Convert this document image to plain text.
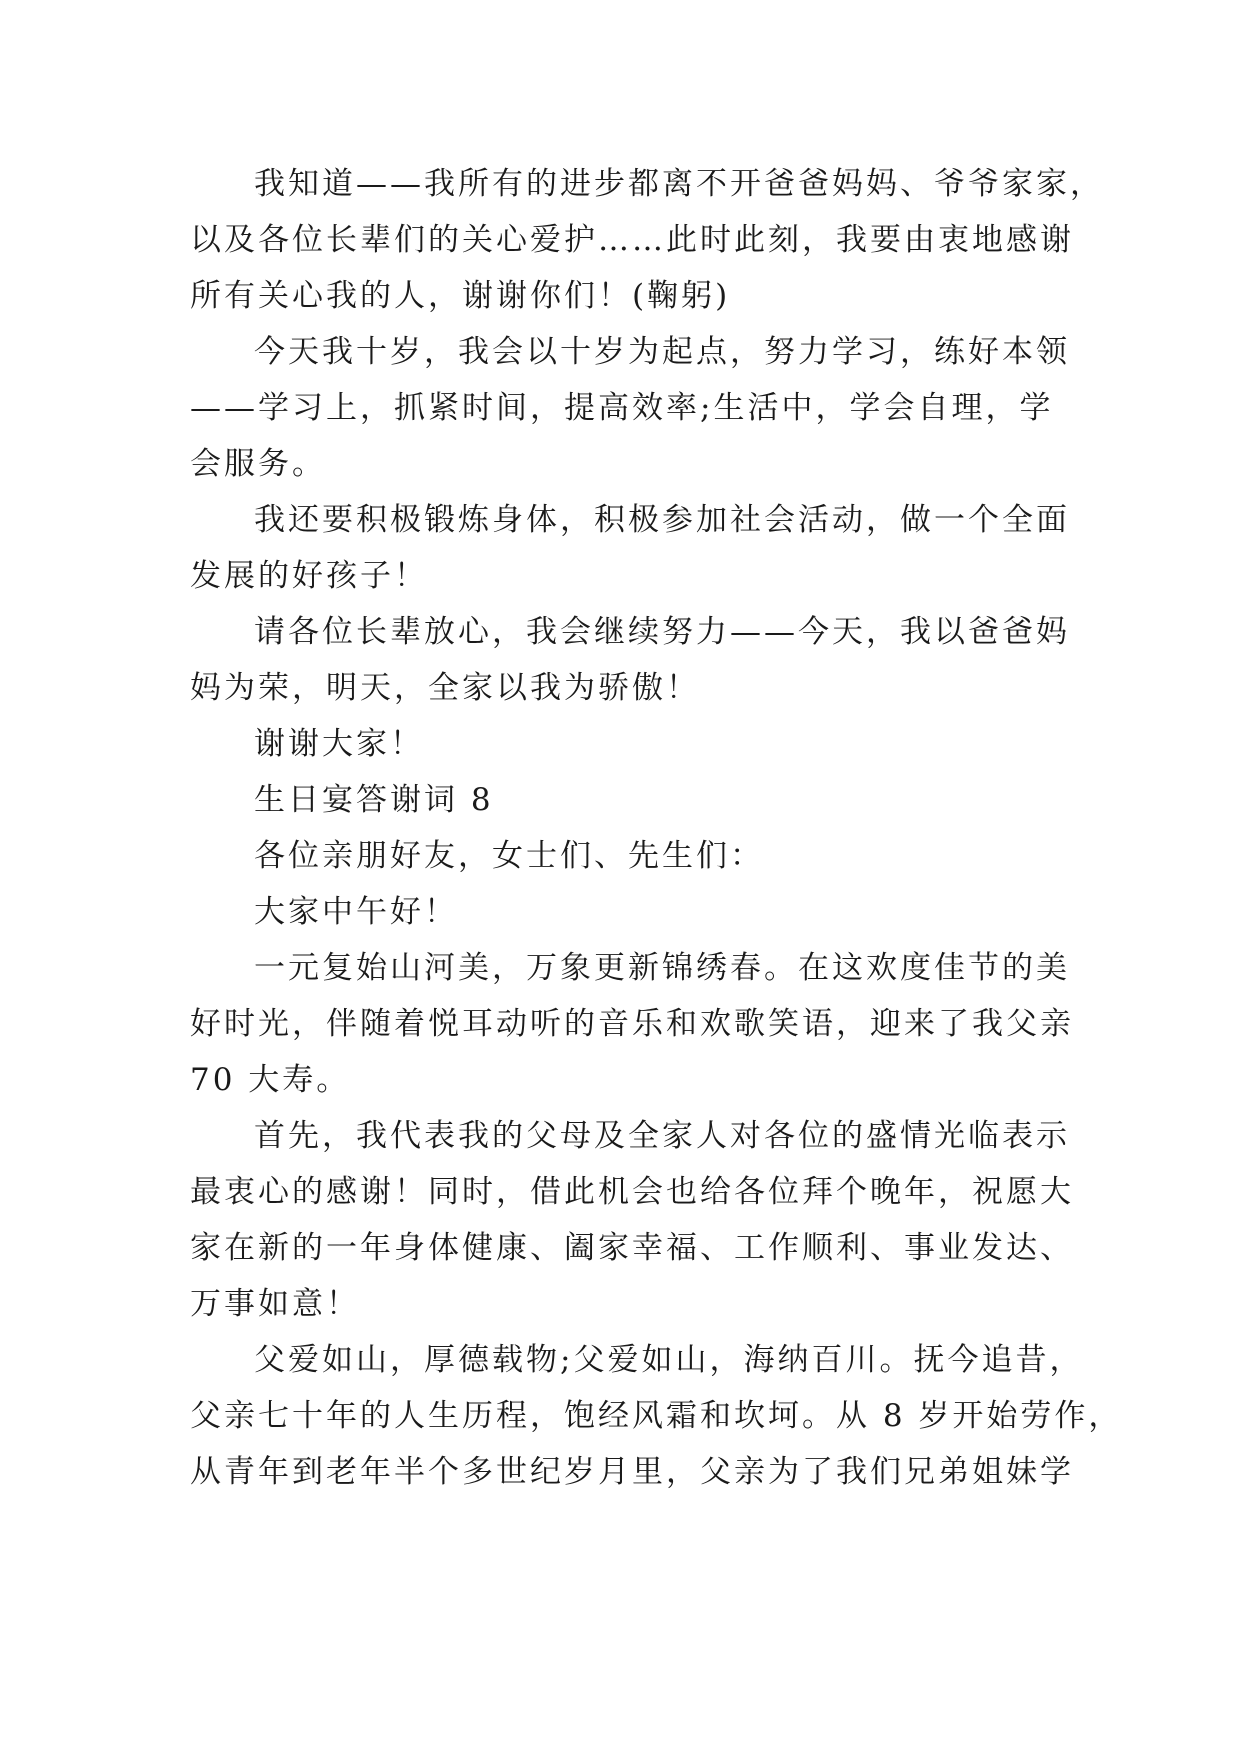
我知道——我所有的进步都离不开爸爸妈妈、爷爷家家，
以及各位长辈们的关心爱护……此时此刻，我要由衷地感谢
所有关心我的人，谢谢你们！(鞠躬)
今天我十岁，我会以十岁为起点，努力学习，练好本领
——学习上，抓紧时间，提高效率;生活中，学会自理，学
会服务。
我还要积极锻炼身体，积极参加社会活动，做一个全面
发展的好孩子！
请各位长辈放心，我会继续努力——今天，我以爸爸妈
妈为荣，明天，全家以我为骄傲！
谢谢大家！
生日宴答谢词 8
各位亲朋好友，女士们、先生们：
大家中午好！
一元复始山河美，万象更新锦绣春。在这欢度佳节的美
好时光，伴随着悦耳动听的音乐和欢歌笑语，迎来了我父亲
70 大寿。
首先，我代表我的父母及全家人对各位的盛情光临表示
最衷心的感谢！同时，借此机会也给各位拜个晚年，祝愿大
家在新的一年身体健康、阖家幸福、工作顺利、事业发达、
万事如意！
父爱如山，厚德载物;父爱如山，海纳百川。抚今追昔，
父亲七十年的人生历程，饱经风霜和坎坷。从 8 岁开始劳作，
从青年到老年半个多世纪岁月里，父亲为了我们兄弟姐妹学
